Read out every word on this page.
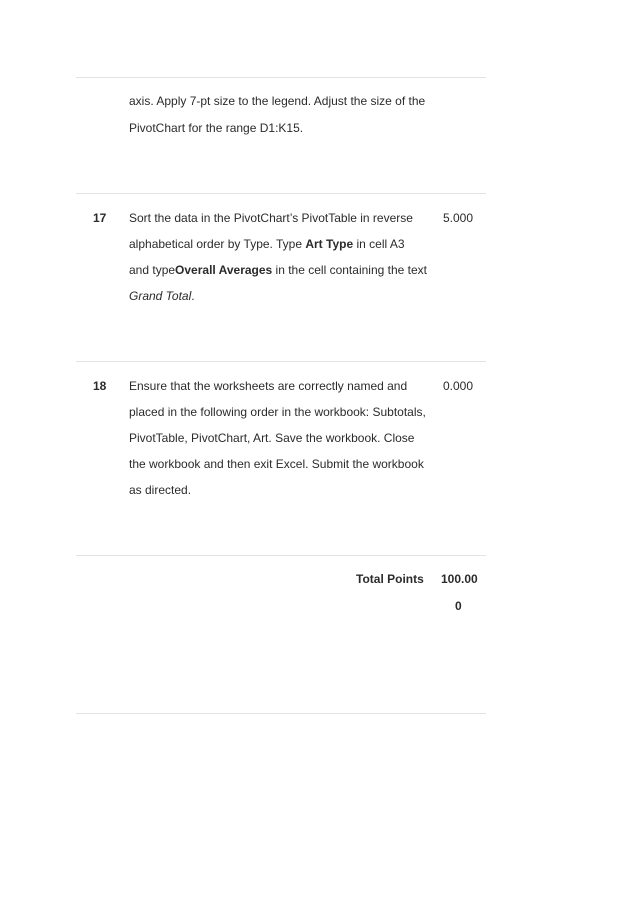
axis. Apply 7-pt size to the legend. Adjust the size of the
PivotChart for the range D1:K15.
17 Sort the data in the PivotChart’s PivotTable in reverse
alphabetical order by Type. Type Art Type in cell A3
and typeOverall Averages in the cell containing the text
Grand Total.
5.000
18 Ensure that the worksheets are correctly named and
placed in the following order in the workbook: Subtotals,
PivotTable, PivotChart, Art. Save the workbook. Close
the workbook and then exit Excel. Submit the workbook
as directed.
0.000
Total Points 100.00
0
